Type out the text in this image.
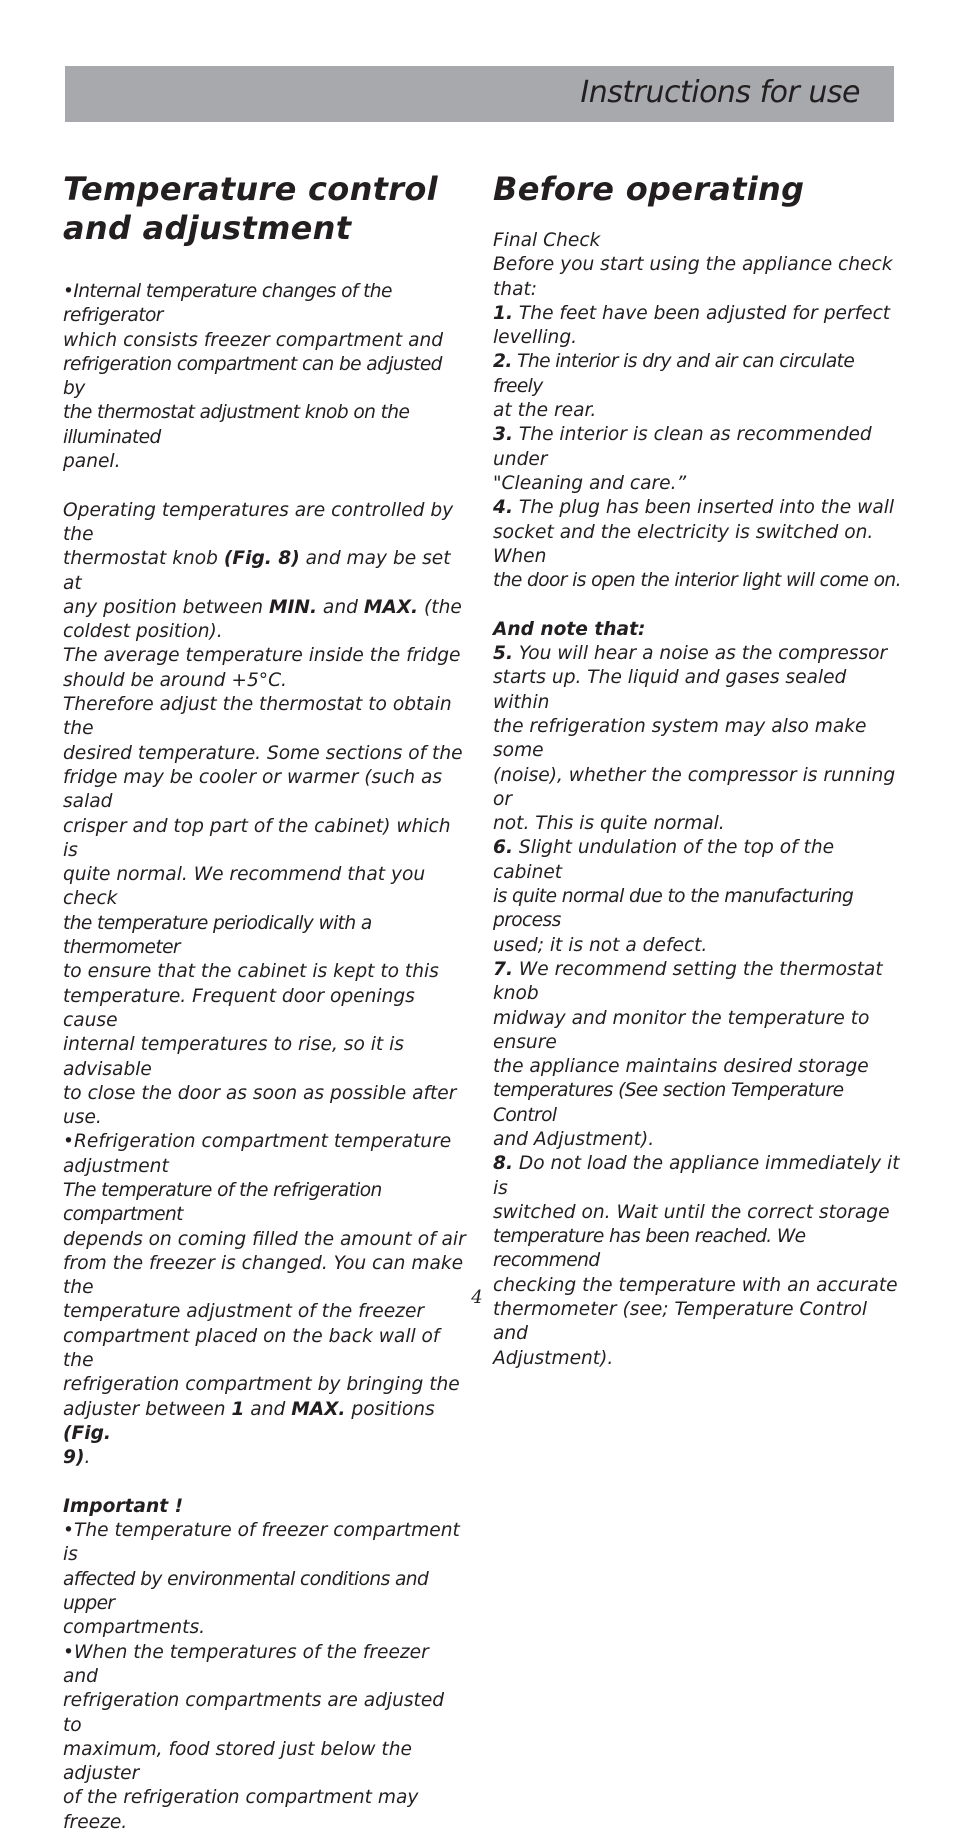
Instructions for use
Temperature control
and adjustment

•Internal temperature changes of the refrigerator

which consists freezer compartment and

refrigeration compartment can be adjusted by

the thermostat adjustment knob on the illuminated

panel.

Operating temperatures are controlled by the

thermostat knob (Fig. 8) and may be set at

any position between MIN. and MAX. (the

coldest position).

The average temperature inside the fridge

should be around +5°C.

Therefore adjust the thermostat to obtain the

desired temperature. Some sections of the

fridge may be cooler or warmer (such as salad

crisper and top part of the cabinet) which is

quite normal. We recommend that you check

the temperature periodically with a thermometer

to ensure that the cabinet is kept to this

temperature. Frequent door openings cause

internal temperatures to rise, so it is advisable

to close the door as soon as possible after use.

•Refrigeration compartment temperature

adjustment

The temperature of the refrigeration compartment

depends on coming filled the amount of air

from the freezer is changed. You can make the

temperature adjustment of the freezer

compartment placed on the back wall of the

refrigeration compartment by bringing the

adjuster between 1 and MAX. positions (Fig.

9).

Important !

•The temperature of freezer compartment is

affected by environmental conditions and upper

compartments.

•When the temperatures of the freezer and

refrigeration compartments are adjusted to

maximum, food stored just below the adjuster

of the refrigeration compartment may freeze.

Before operating

Final Check

Before you start using the appliance check that:

1. The feet have been adjusted for perfect

levelling.

2. The interior is dry and air can circulate freely

at the rear.

3. The interior is clean as recommended under

"Cleaning and care.”

4. The plug has been inserted into the wall

socket and the electricity is switched on. When

the door is open the interior light will come on.

And note that:

5. You will hear a noise as the compressor

starts up. The liquid and gases sealed within

the refrigeration system may also make some

(noise), whether the compressor is running or

not. This is quite normal.

6. Slight undulation of the top of the cabinet

is quite normal due to the manufacturing process

used; it is not a defect.

7. We recommend setting the thermostat knob

midway and monitor the temperature to ensure

the appliance maintains desired storage

temperatures (See section Temperature Control

and Adjustment).

8. Do not load the appliance immediately it is

switched on. Wait until the correct storage

temperature has been reached. We recommend

checking the temperature with an accurate

thermometer (see; Temperature Control and

Adjustment).

4
